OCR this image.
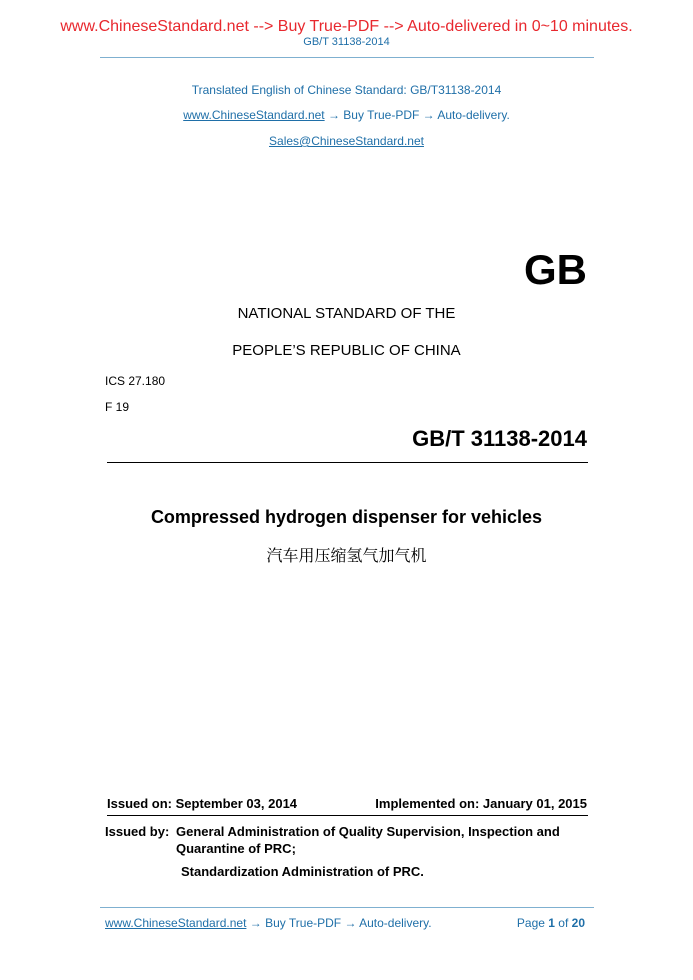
www.ChineseStandard.net --> Buy True-PDF --> Auto-delivered in 0~10 minutes.
GB/T 31138-2014
Translated English of Chinese Standard: GB/T31138-2014
www.ChineseStandard.net → Buy True-PDF → Auto-delivery.
Sales@ChineseStandard.net
GB
NATIONAL STANDARD OF THE
PEOPLE’S REPUBLIC OF CHINA
ICS 27.180
F 19
GB/T 31138-2014
Compressed hydrogen dispenser for vehicles
汽车用压缩氢气加气机
Issued on: September 03, 2014	Implemented on: January 01, 2015
Issued by: General Administration of Quality Supervision, Inspection and
Quarantine of PRC;
Standardization Administration of PRC.
www.ChineseStandard.net → Buy True-PDF → Auto-delivery.	Page 1 of 20
